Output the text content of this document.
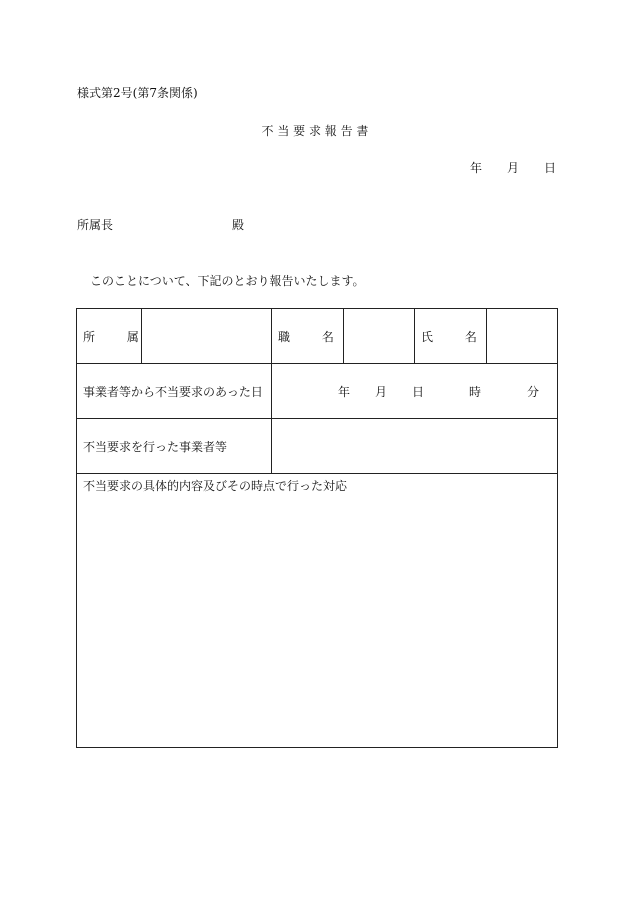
様式第2号(第7条関係)
不 当 要 求 報 告 書
年 月 日
所属長	殿
このことについて、下記のとおり報告いたします。
所 属		職 名		氏 名	
事業者等から不当要求のあった日		年 月 日 時 分			
不当要求を行った事業者等					
不当要求の具体的内容及びその時点で行った対応					
